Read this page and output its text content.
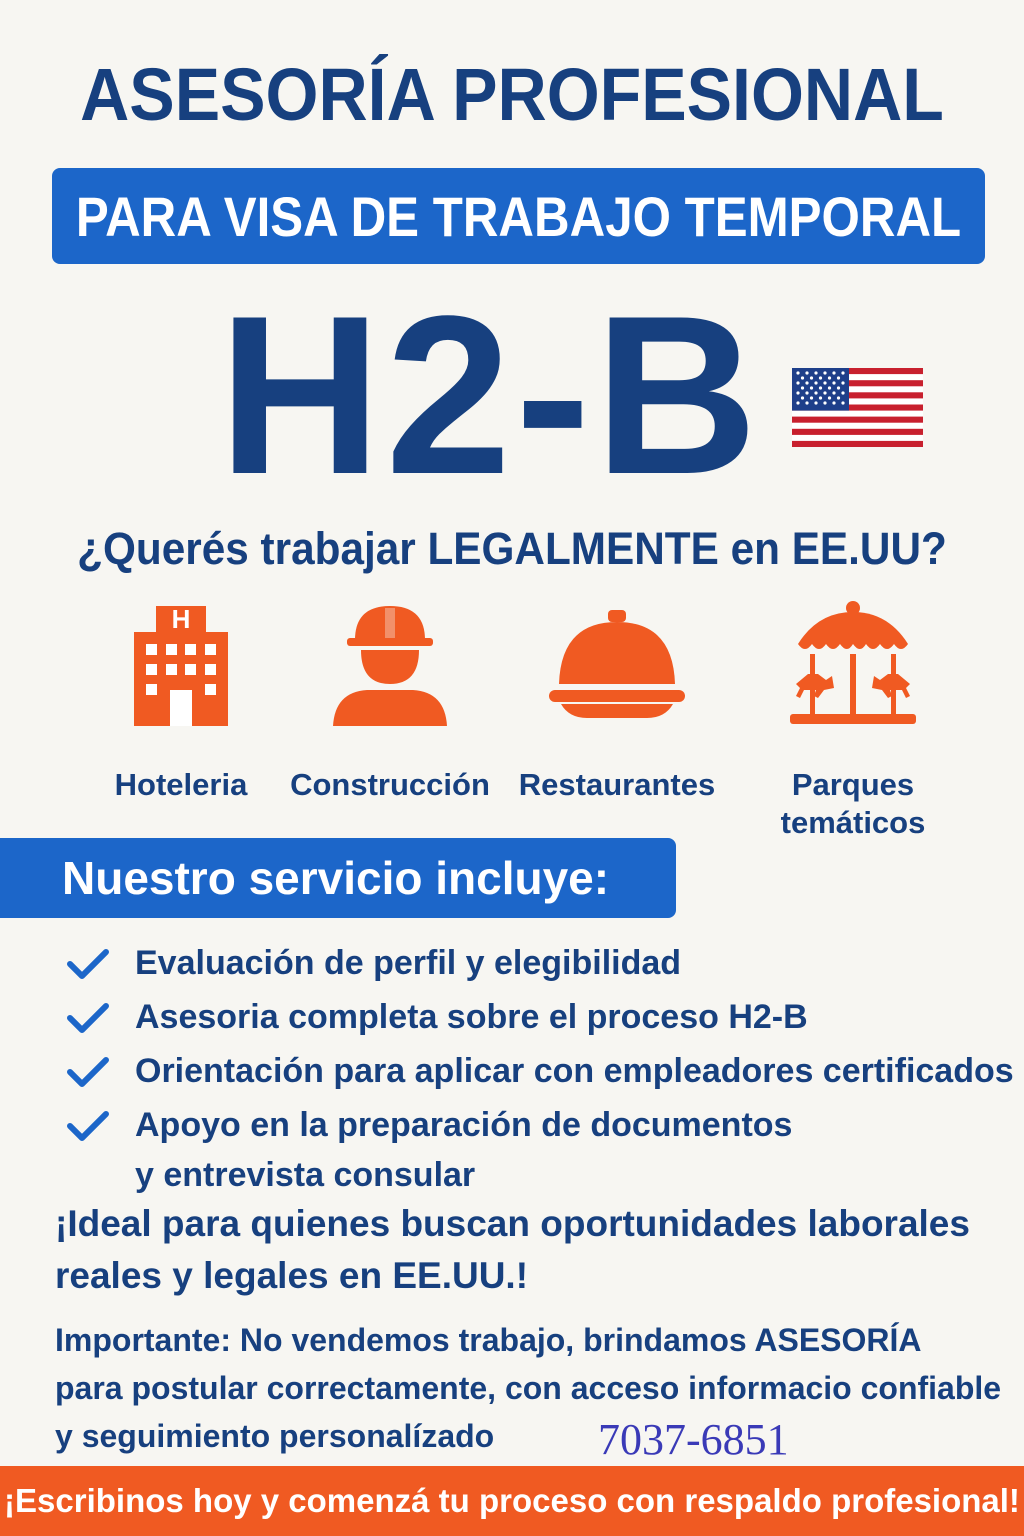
ASESORÍA PROFESIONAL
PARA VISA DE TRABAJO TEMPORAL
H2-B
¿Querés trabajar LEGALMENTE en EE.UU?
H
Hoteleria	Construcción Restaurantes	Parques
temáticos
Nuestro servicio incluye:
Evaluación de perfil y elegibilidad
Asesoria completa sobre el proceso H2-B
Orientación para aplicar con empleadores certificados
Apoyo en la preparación de documentos
y entrevista consular
¡Ideal para quienes buscan oportunidades laborales
reales y legales en EE.UU.!
Importante: No vendemos trabajo, brindamos ASESORÍA
para postular correctamente, con acceso informacio confiable
y seguimiento personalízado	7037-6851
¡Escribinos hoy y comenzá tu proceso con respaldo profesional!
